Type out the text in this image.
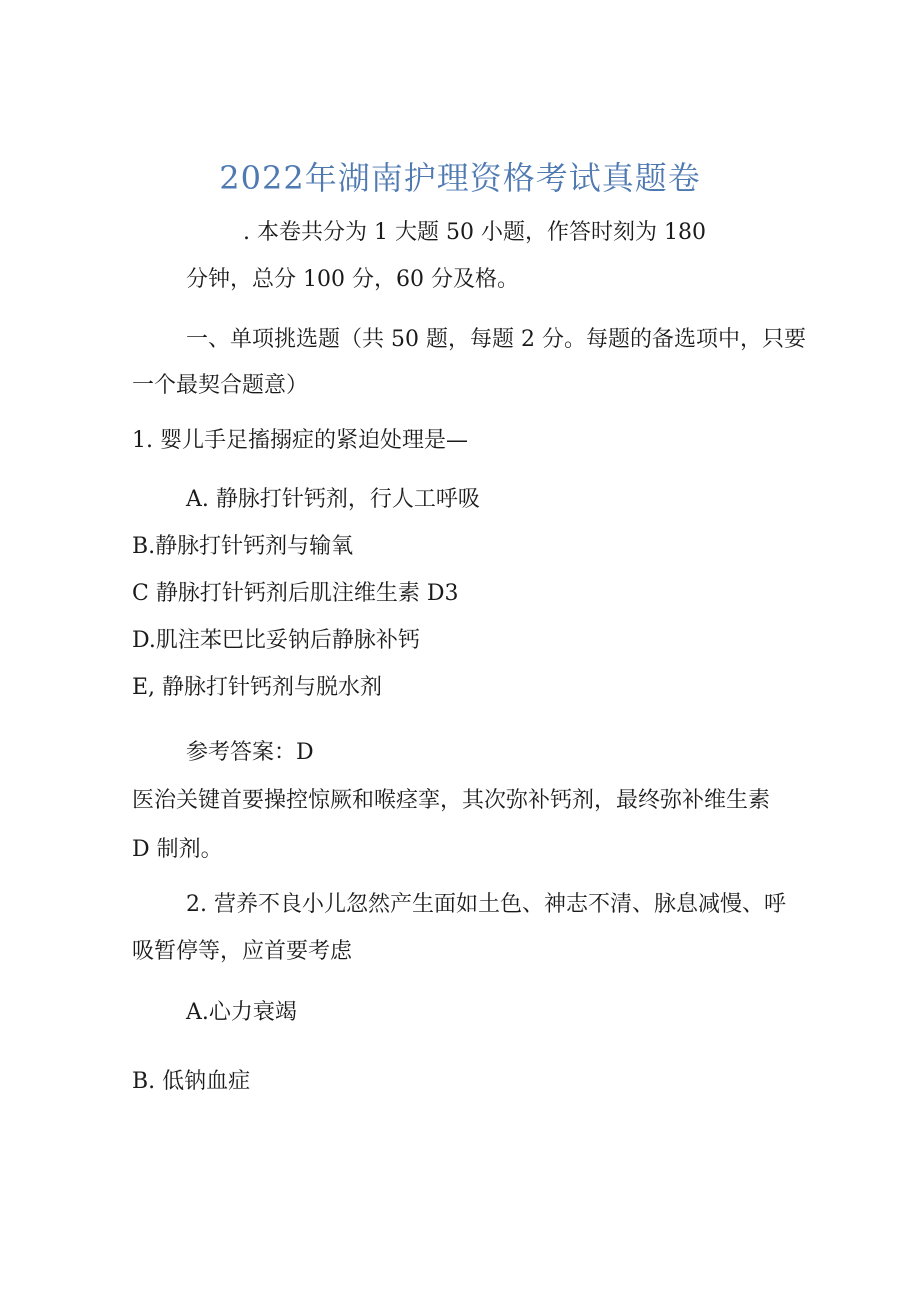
2022年湖南护理资格考试真题卷
. 本卷共分为 1 大题 50 小题，作答时刻为 180
分钟，总分 100 分，60 分及格。
一、单项挑选题（共 50 题，每题 2 分。每题的备选项中，只要
一个最契合题意）
1. 婴儿手足搐搦症的紧迫处理是—
A. 静脉打针钙剂，行人工呼吸
B.静脉打针钙剂与输氧
C 静脉打针钙剂后肌注维生素 D3
D.肌注苯巴比妥钠后静脉补钙
E, 静脉打针钙剂与脱水剂
参考答案：D
医治关键首要操控惊厥和喉痉挛，其次弥补钙剂，最终弥补维生素
D 制剂。
2. 营养不良小儿忽然产生面如土色、神志不清、脉息减慢、呼
吸暂停等，应首要考虑
A.心力衰竭
B. 低钠血症
